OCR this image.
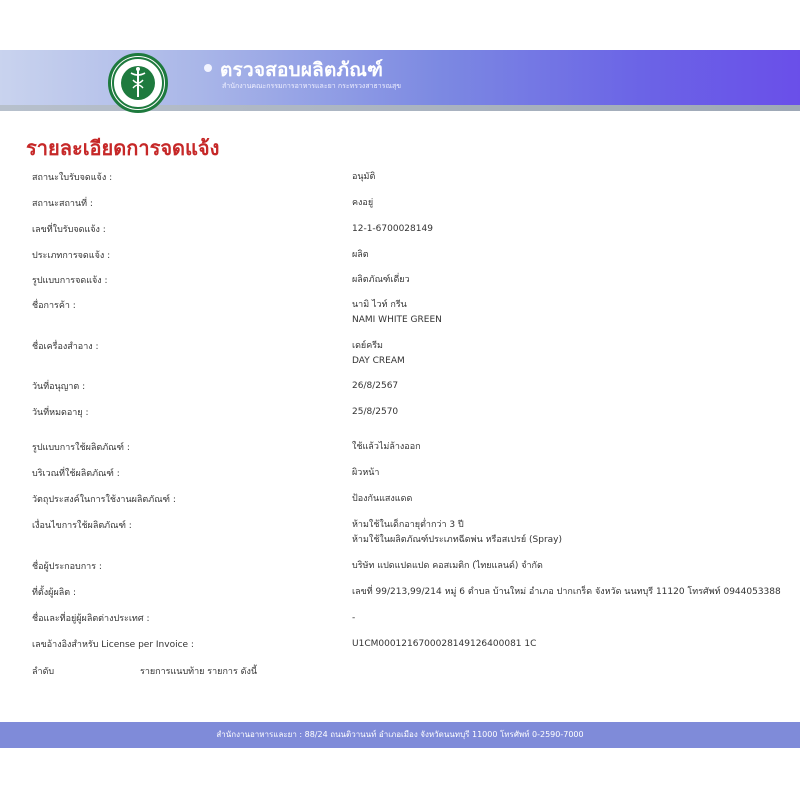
ตรวจสอบผลิตภัณฑ์
สำนักงานคณะกรรมการอาหารและยา กระทรวงสาธารณสุข
รายละเอียดการจดแจ้ง
สถานะใบรับจดแจ้ง :	อนุมัติ
สถานะสถานที่ :	คงอยู่
เลขที่ใบรับจดแจ้ง :	12-1-6700028149
ประเภทการจดแจ้ง :	ผลิต
รูปแบบการจดแจ้ง :	ผลิตภัณฑ์เดี่ยว
ชื่อการค้า :	นามิ ไวท์ กรีน
NAMI WHITE GREEN
ชื่อเครื่องสำอาง :	เดย์ครีม
DAY CREAM
วันที่อนุญาต :	26/8/2567
วันที่หมดอายุ :	25/8/2570
รูปแบบการใช้ผลิตภัณฑ์ :	ใช้แล้วไม่ล้างออก
บริเวณที่ใช้ผลิตภัณฑ์ :	ผิวหน้า
วัตถุประสงค์ในการใช้งานผลิตภัณฑ์ :	ป้องกันแสงแดด
เงื่อนไขการใช้ผลิตภัณฑ์ :	ห้ามใช้ในเด็กอายุต่ำกว่า 3 ปี
ห้ามใช้ในผลิตภัณฑ์ประเภทฉีดพ่น หรือสเปรย์ (Spray)
ชื่อผู้ประกอบการ :	บริษัท แปดแปดแปด คอสเมติก (ไทยแลนด์) จำกัด
ที่ตั้งผู้ผลิต :	เลขที่ 99/213,99/214 หมู่ 6 ตำบล บ้านใหม่ อำเภอ ปากเกร็ด จังหวัด นนทบุรี 11120 โทรศัพท์ 0944053388
ชื่อและที่อยู่ผู้ผลิตต่างประเทศ :	-
เลขอ้างอิงสำหรับ License per Invoice :	U1CM0001216700028149126400081 1C
ลำดับ	รายการแนบท้าย รายการ ดังนี้
สำนักงานอาหารและยา : 88/24 ถนนติวานนท์ อำเภอเมือง จังหวัดนนทบุรี 11000 โทรศัพท์ 0-2590-7000
